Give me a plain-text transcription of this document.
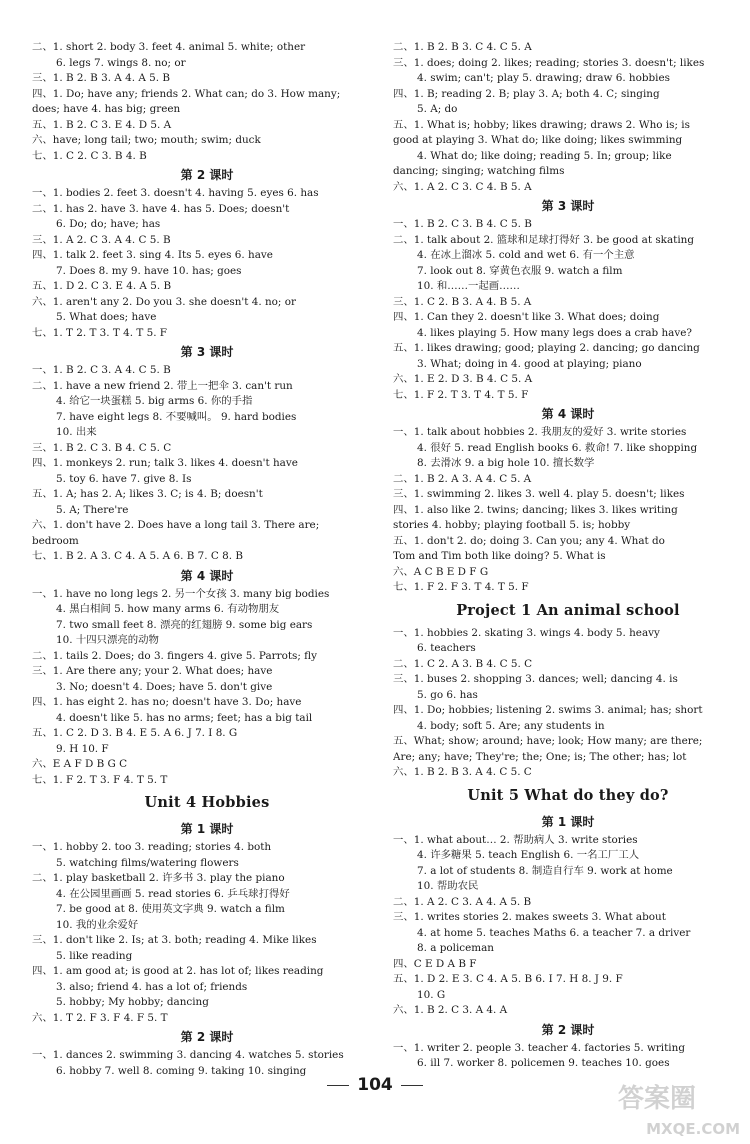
二、1. short 2. body 3. feet 4. animal 5. white; other
6. legs 7. wings 8. no; or
三、1. B 2. B 3. A 4. A 5. B
四、1. Do; have any; friends 2. What can; do 3. How many;
does; have 4. has big; green
五、1. B 2. C 3. E 4. D 5. A
六、have; long tail; two; mouth; swim; duck
七、1. C 2. C 3. B 4. B
第 2 课时
一、1. bodies 2. feet 3. doesn't 4. having 5. eyes 6. has
二、1. has 2. have 3. have 4. has 5. Does; doesn't
6. Do; do; have; has
三、1. A 2. C 3. A 4. C 5. B
四、1. talk 2. feet 3. sing 4. Its 5. eyes 6. have
7. Does 8. my 9. have 10. has; goes
五、1. D 2. C 3. E 4. A 5. B
六、1. aren't any 2. Do you 3. she doesn't 4. no; or
5. What does; have
七、1. T 2. T 3. T 4. T 5. F
第 3 课时
一、1. B 2. C 3. A 4. C 5. B
二、1. have a new friend 2. 带上一把伞 3. can't run
4. 给它一块蛋糕 5. big arms 6. 你的手指
7. have eight legs 8. 不要喊叫。 9. hard bodies
10. 出来
三、1. B 2. C 3. B 4. C 5. C
四、1. monkeys 2. run; talk 3. likes 4. doesn't have
5. toy 6. have 7. give 8. Is
五、1. A; has 2. A; likes 3. C; is 4. B; doesn't
5. A; There're
六、1. don't have 2. Does have a long tail 3. There are;
bedroom
七、1. B 2. A 3. C 4. A 5. A 6. B 7. C 8. B
第 4 课时
一、1. have no long legs 2. 另一个女孩 3. many big bodies
4. 黑白相间 5. how many arms 6. 有动物朋友
7. two small feet 8. 漂亮的红翅膀 9. some big ears
10. 十四只漂亮的动物
二、1. tails 2. Does; do 3. fingers 4. give 5. Parrots; fly
三、1. Are there any; your 2. What does; have
3. No; doesn't 4. Does; have 5. don't give
四、1. has eight 2. has no; doesn't have 3. Do; have
4. doesn't like 5. has no arms; feet; has a big tail
五、1. C 2. D 3. B 4. E 5. A 6. J 7. I 8. G
9. H 10. F
六、E A F D B G C
七、1. F 2. T 3. F 4. T 5. T
Unit 4 Hobbies
第 1 课时
一、1. hobby 2. too 3. reading; stories 4. both
5. watching films/watering flowers
二、1. play basketball 2. 许多书 3. play the piano
4. 在公园里画画 5. read stories 6. 乒乓球打得好
7. be good at 8. 使用英文字典 9. watch a film
10. 我的业余爱好
三、1. don't like 2. Is; at 3. both; reading 4. Mike likes
5. like reading
四、1. am good at; is good at 2. has lot of; likes reading
3. also; friend 4. has a lot of; friends
5. hobby; My hobby; dancing
六、1. T 2. F 3. F 4. F 5. T
第 2 课时
一、1. dances 2. swimming 3. dancing 4. watches 5. stories
6. hobby 7. well 8. coming 9. taking 10. singing
二、1. B 2. B 3. C 4. C 5. A
三、1. does; doing 2. likes; reading; stories 3. doesn't; likes
4. swim; can't; play 5. drawing; draw 6. hobbies
四、1. B; reading 2. B; play 3. A; both 4. C; singing
5. A; do
五、1. What is; hobby; likes drawing; draws 2. Who is; is
good at playing 3. What do; like doing; likes swimming
4. What do; like doing; reading 5. In; group; like
dancing; singing; watching films
六、1. A 2. C 3. C 4. B 5. A
第 3 课时
一、1. B 2. C 3. B 4. C 5. B
二、1. talk about 2. 篮球和足球打得好 3. be good at skating
4. 在冰上溜冰 5. cold and wet 6. 有一个主意
7. look out 8. 穿黄色衣服 9. watch a film
10. 和……一起画……
三、1. C 2. B 3. A 4. B 5. A
四、1. Can they 2. doesn't like 3. What does; doing
4. likes playing 5. How many legs does a crab have?
五、1. likes drawing; good; playing 2. dancing; go dancing
3. What; doing in 4. good at playing; piano
六、1. E 2. D 3. B 4. C 5. A
七、1. F 2. T 3. T 4. T 5. F
第 4 课时
一、1. talk about hobbies 2. 我朋友的爱好 3. write stories
4. 很好 5. read English books 6. 救命! 7. like shopping
8. 去滑冰 9. a big hole 10. 擅长数学
二、1. B 2. A 3. A 4. C 5. A
三、1. swimming 2. likes 3. well 4. play 5. doesn't; likes
四、1. also like 2. twins; dancing; likes 3. likes writing
stories 4. hobby; playing football 5. is; hobby
五、1. don't 2. do; doing 3. Can you; any 4. What do
Tom and Tim both like doing? 5. What is
六、A C B E D F G
七、1. F 2. F 3. T 4. T 5. F
Project 1 An animal school
一、1. hobbies 2. skating 3. wings 4. body 5. heavy
6. teachers
二、1. C 2. A 3. B 4. C 5. C
三、1. buses 2. shopping 3. dances; well; dancing 4. is
5. go 6. has
四、1. Do; hobbies; listening 2. swims 3. animal; has; short
4. body; soft 5. Are; any students in
五、What; show; around; have; look; How many; are there;
Are; any; have; They're; the; One; is; The other; has; lot
六、1. B 2. B 3. A 4. C 5. C
Unit 5 What do they do?
第 1 课时
一、1. what about… 2. 帮助病人 3. write stories
4. 许多糖果 5. teach English 6. 一名工厂工人
7. a lot of students 8. 制造自行车 9. work at home
10. 帮助农民
二、1. A 2. C 3. A 4. A 5. B
三、1. writes stories 2. makes sweets 3. What about
4. at home 5. teaches Maths 6. a teacher 7. a driver
8. a policeman
四、C E D A B F
五、1. D 2. E 3. C 4. A 5. B 6. I 7. H 8. J 9. F
10. G
六、1. B 2. C 3. A 4. A
第 2 课时
一、1. writer 2. people 3. teacher 4. factories 5. writing
6. ill 7. worker 8. policemen 9. teaches 10. goes
104	答案圈
MXQE.COM
